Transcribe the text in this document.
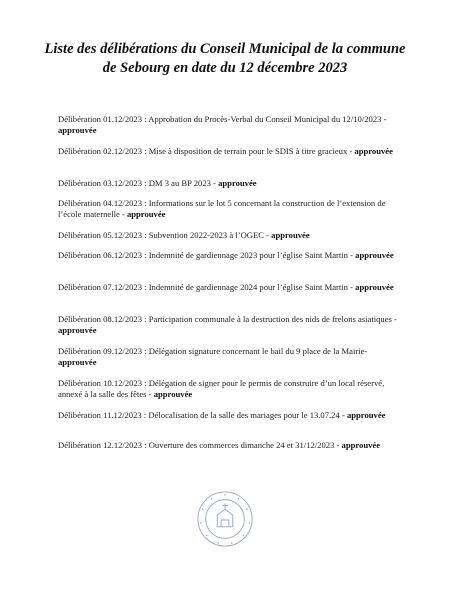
Liste des délibérations du Conseil Municipal de la commune
de Sebourg en date du 12 décembre 2023

Délibération 01.12/2023 : Approbation du Procès-Verbal du Conseil Municipal du 12/10/2023 - approuvée

Délibération 02.12/2023 : Mise à disposition de terrain pour le SDIS à titre gracieux - approuvée

Délibération 03.12/2023 : DM 3 au BP 2023 - approuvée

Délibération 04.12/2023 : Informations sur le lot 5 concernant la construction de l’extension de l’école maternelle - approuvée

Délibération 05.12/2023 : Subvention 2022-2023 à l’OGEC - approuvée

Délibération 06.12/2023 : Indemnité de gardiennage 2023 pour l’église Saint Martin - approuvée

Délibération 07.12/2023 : Indemnité de gardiennage 2024 pour l’église Saint Martin - approuvée

Délibération 08.12/2023 : Participation communale à la destruction des nids de frelons asiatiques - approuvée

Délibération 09.12/2023 : Délégation signature concernant le bail du 9 place de la Mairie- approuvée

Délibération 10.12/2023 : Délégation de signer pour le permis de construire d’un local réservé, annexé à la salle des fêtes - approuvée

Délibération 11.12/2023 : Délocalisation de la salle des mariages pour le 13.07.24 - approuvée

Délibération 12.12/2023 : Ouverture des commerces dimanche 24 et 31/12/2023 - approuvée
